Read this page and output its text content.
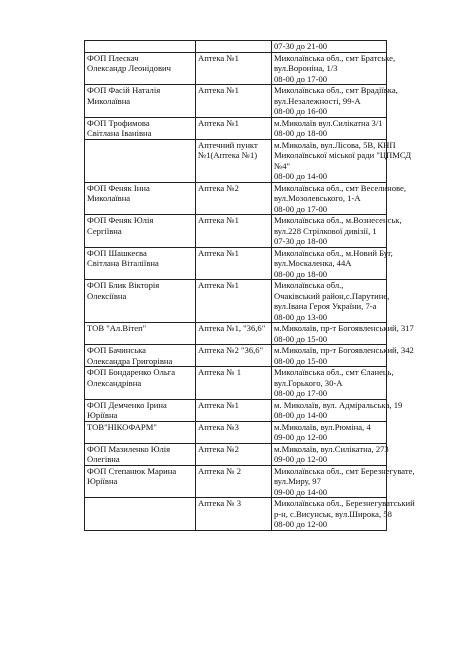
		07-30 до 21-00

ФОП Плескач
Олександр Леонідович	Аптека №1	Миколаївська обл., смт Братське,
вул.Вороніна, 1/3
08-00 до 17-00

ФОП Фасій Наталія
Миколаївна	Аптека №1	Миколаївська обл., смт Врадіївка,
вул.Незалежності, 99-А
08-00 до 16-00

ФОП Трофимова
Світлана Іванівна	Аптека №1	м.Миколаїв вул.Силікатна 3/1
08-00 до 18-00

	Аптечний пункт
№1(Аптека №1)	м.Миколаїв, вул.Лісова, 5В, КНП
Миколаївської міської ради "ЦПМСД
№4"
08-00 до 14-00

ФОП Феняк Інна
Миколаївна	Аптека №2	Миколаївська обл., смт Веселинове,
вул.Мозолевського, 1-А
08-00 до 17-00

ФОП Феняк Юлія
Сергіївна	Аптека №1	Миколаївська обл., м.Вознесенськ,
вул.228 Стрілкової дивізії, 1
07-30 до 18-00

ФОП Шашкеєва
Світлана Віталіївна	Аптека №1	Миколаївська обл., м.Новий Буг,
вул.Москаленка, 44А
08-00 до 18-00

ФОП Блик Вікторія
Олексіївна	Аптека №1	Миколаївська обл.,
Очаківський район,с.Парутине,
вул.Івана Героя України, 7-а
08-00 до 13-00

ТОВ "Ал.Вітеп"	Аптека №1, "36,6"	м.Миколаїв, пр-т Богоявленський, 317
08-00 до 15-00

ФОП Бачинська
Олександра Григорівна	Аптека №2 "36,6"	м.Миколаїв, пр-т Богоявленський, 342
08-00 до 15-00

ФОП Бондаренко Ольга
Олександрівна	Аптека № 1	Миколаївська обл., смт Єланець,
вул.Горького, 30-А
08-00 до 17-00

ФОП Демченко Ірина
Юріївна	Аптека №1	м. Миколаїв, вул. Адміральська, 19
08-00 до 14-00

ТОВ"НІКОФАРМ"	Аптека №3	м.Миколаїв, вул.Рюміна, 4
09-00 до 12-00

ФОП Мазиленко Юлія
Олегівна	Аптека №2	м.Миколаїв, вул.Силікатна, 273
09-00 до 12-00

ФОП Степанюк Марина
Юріївна	Аптека № 2	Миколаївська обл., смт Березнегувате,
вул.Миру, 97
09-00 до 14-00

	Аптека № 3	Миколаївська обл., Березнегуватський
р-н, с.Висунськ, вул.Широка, 58
08-00 до 12-00
